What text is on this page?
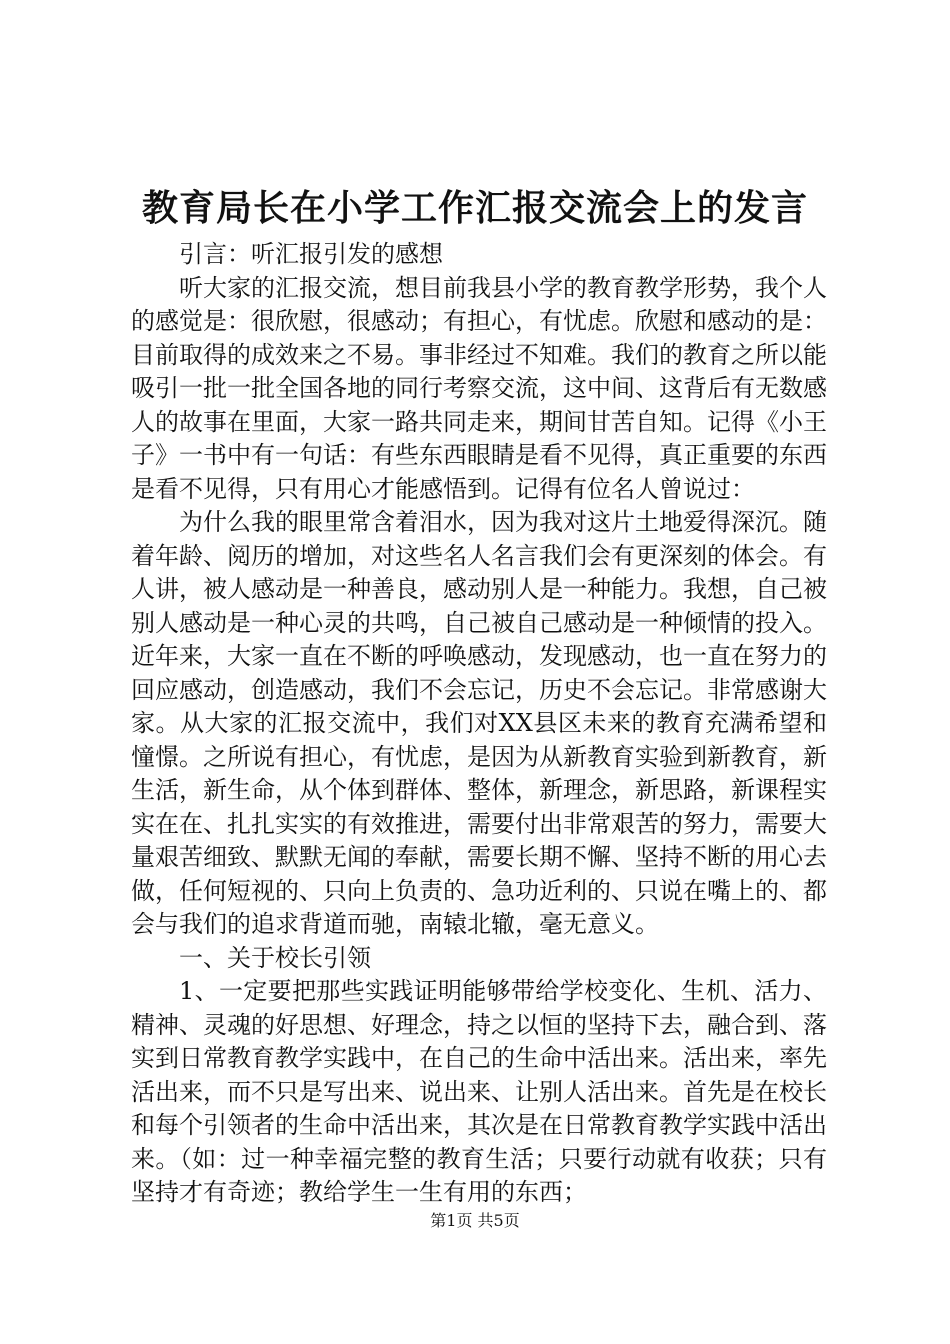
教育局长在小学工作汇报交流会上的发言

引言：听汇报引发的感想

听大家的汇报交流，想目前我县小学的教育教学形势，我个人的感觉是：很欣慰，很感动；有担心，有忧虑。欣慰和感动的是：目前取得的成效来之不易。事非经过不知难。我们的教育之所以能吸引一批一批全国各地的同行考察交流，这中间、这背后有无数感人的故事在里面，大家一路共同走来，期间甘苦自知。记得《小王子》一书中有一句话：有些东西眼睛是看不见得，真正重要的东西是看不见得，只有用心才能感悟到。记得有位名人曾说过：

为什么我的眼里常含着泪水，因为我对这片土地爱得深沉。随着年龄、阅历的增加，对这些名人名言我们会有更深刻的体会。有人讲，被人感动是一种善良，感动别人是一种能力。我想，自己被别人感动是一种心灵的共鸣，自己被自己感动是一种倾情的投入。近年来，大家一直在不断的呼唤感动，发现感动，也一直在努力的回应感动，创造感动，我们不会忘记，历史不会忘记。非常感谢大家。从大家的汇报交流中，我们对XX县区未来的教育充满希望和憧憬。之所说有担心，有忧虑，是因为从新教育实验到新教育，新生活，新生命，从个体到群体、整体，新理念，新思路，新课程实实在在、扎扎实实的有效推进，需要付出非常艰苦的努力，需要大量艰苦细致、默默无闻的奉献，需要长期不懈、坚持不断的用心去做，任何短视的、只向上负责的、急功近利的、只说在嘴上的、都会与我们的追求背道而驰，南辕北辙，毫无意义。

一、关于校长引领

1、一定要把那些实践证明能够带给学校变化、生机、活力、精神、灵魂的好思想、好理念，持之以恒的坚持下去，融合到、落实到日常教育教学实践中，在自己的生命中活出来。活出来，率先活出来，而不只是写出来、说出来、让别人活出来。首先是在校长和每个引领者的生命中活出来，其次是在日常教育教学实践中活出来。（如：过一种幸福完整的教育生活；只要行动就有收获；只有坚持才有奇迹；教给学生一生有用的东西；

第1页 共5页
